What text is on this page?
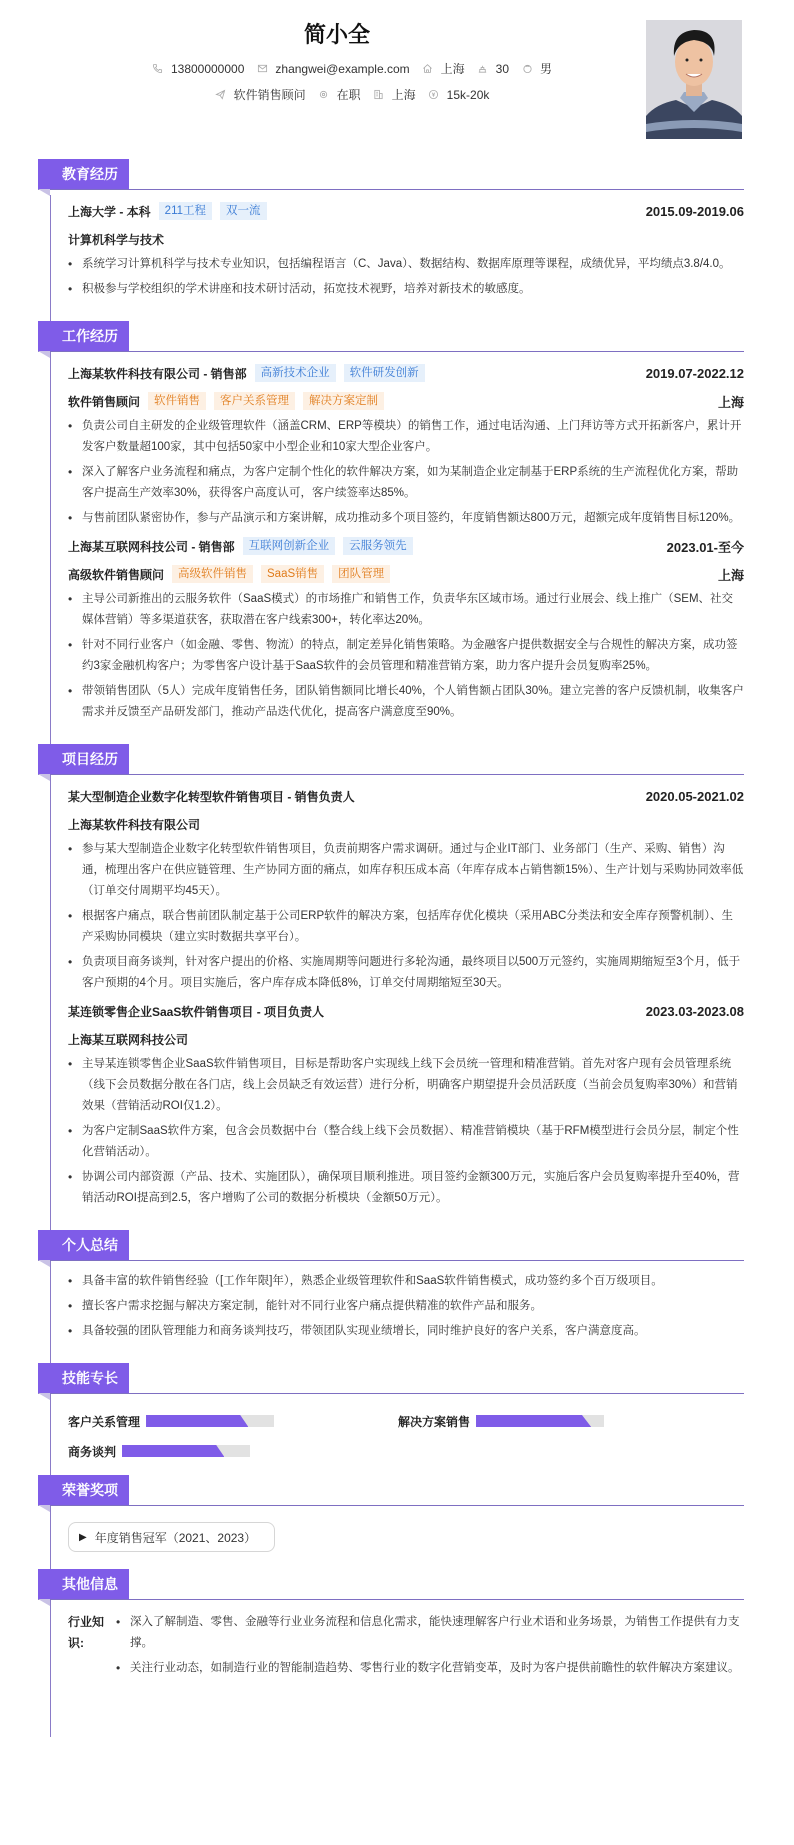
简小全
13800000000	zhangwei@example.com	上海	30	男
软件销售顾问	在职	上海	15k-20k
教育经历
上海大学 - 本科	211工程	双一流	2015.09-2019.06
计算机科学与技术
• 系统学习计算机科学与技术专业知识，包括编程语言（C、Java）、数据结构、数据库原理等课程，成绩优异，平均绩点3.8/4.0。
• 积极参与学校组织的学术讲座和技术研讨活动，拓宽技术视野，培养对新技术的敏感度。
工作经历
上海某软件科技有限公司 - 销售部	高新技术企业	软件研发创新	2019.07-2022.12
软件销售顾问	软件销售	客户关系管理	解决方案定制	上海
• 负责公司自主研发的企业级管理软件（涵盖CRM、ERP等模块）的销售工作，通过电话沟通、上门拜访等方式开拓新客户，累计开发客户数量超100家，其中包括50家中小型企业和10家大型企业客户。
• 深入了解客户业务流程和痛点，为客户定制个性化的软件解决方案，如为某制造企业定制基于ERP系统的生产流程优化方案，帮助客户提高生产效率30%，获得客户高度认可，客户续签率达85%。
• 与售前团队紧密协作，参与产品演示和方案讲解，成功推动多个项目签约，年度销售额达800万元，超额完成年度销售目标120%。
上海某互联网科技公司 - 销售部	互联网创新企业	云服务领先	2023.01-至今
高级软件销售顾问	高级软件销售	SaaS销售	团队管理	上海
• 主导公司新推出的云服务软件（SaaS模式）的市场推广和销售工作，负责华东区域市场。通过行业展会、线上推广（SEM、社交媒体营销）等多渠道获客，获取潜在客户线索300+，转化率达20%。
• 针对不同行业客户（如金融、零售、物流）的特点，制定差异化销售策略。为金融客户提供数据安全与合规性的解决方案，成功签约3家金融机构客户；为零售客户设计基于SaaS软件的会员管理和精准营销方案，助力客户提升会员复购率25%。
• 带领销售团队（5人）完成年度销售任务，团队销售额同比增长40%，个人销售额占团队30%。建立完善的客户反馈机制，收集客户需求并反馈至产品研发部门，推动产品迭代优化，提高客户满意度至90%。
项目经历
某大型制造企业数字化转型软件销售项目 - 销售负责人	2020.05-2021.02
上海某软件科技有限公司
• 参与某大型制造企业数字化转型软件销售项目，负责前期客户需求调研。通过与企业IT部门、业务部门（生产、采购、销售）沟通，梳理出客户在供应链管理、生产协同方面的痛点，如库存积压成本高（年库存成本占销售额15%）、生产计划与采购协同效率低（订单交付周期平均45天）。
• 根据客户痛点，联合售前团队制定基于公司ERP软件的解决方案，包括库存优化模块（采用ABC分类法和安全库存预警机制）、生产采购协同模块（建立实时数据共享平台）。
• 负责项目商务谈判，针对客户提出的价格、实施周期等问题进行多轮沟通，最终项目以500万元签约，实施周期缩短至3个月，低于客户预期的4个月。项目实施后，客户库存成本降低8%，订单交付周期缩短至30天。
某连锁零售企业SaaS软件销售项目 - 项目负责人	2023.03-2023.08
上海某互联网科技公司
• 主导某连锁零售企业SaaS软件销售项目，目标是帮助客户实现线上线下会员统一管理和精准营销。首先对客户现有会员管理系统（线下会员数据分散在各门店，线上会员缺乏有效运营）进行分析，明确客户期望提升会员活跃度（当前会员复购率30%）和营销效果（营销活动ROI仅1.2）。
• 为客户定制SaaS软件方案，包含会员数据中台（整合线上线下会员数据）、精准营销模块（基于RFM模型进行会员分层，制定个性化营销活动）。
• 协调公司内部资源（产品、技术、实施团队），确保项目顺利推进。项目签约金额300万元，实施后客户会员复购率提升至40%，营销活动ROI提高到2.5，客户增购了公司的数据分析模块（金额50万元）。
个人总结
• 具备丰富的软件销售经验（[工作年限]年），熟悉企业级管理软件和SaaS软件销售模式，成功签约多个百万级项目。
• 擅长客户需求挖掘与解决方案定制，能针对不同行业客户痛点提供精准的软件产品和服务。
• 具备较强的团队管理能力和商务谈判技巧，带领团队实现业绩增长，同时维护良好的客户关系，客户满意度高。
技能专长
客户关系管理	解决方案销售
商务谈判
荣誉奖项
▶ 年度销售冠军（2021、2023）
其他信息
行业知识:
• 深入了解制造、零售、金融等行业业务流程和信息化需求，能快速理解客户行业术语和业务场景，为销售工作提供有力支撑。
• 关注行业动态，如制造行业的智能制造趋势、零售行业的数字化营销变革，及时为客户提供前瞻性的软件解决方案建议。
